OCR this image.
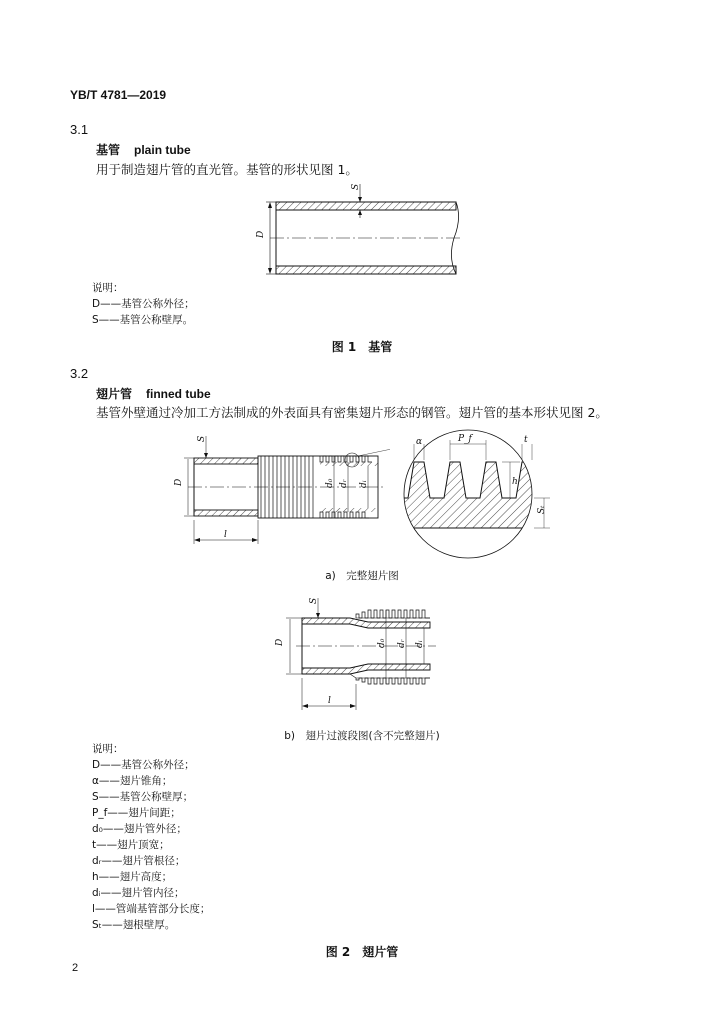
YB/T 4781—2019
3.1
基管 plain tube
用于制造翅片管的直光管。基管的形状见图 1。
D
S
说明：
D——基管公称外径；
S——基管公称壁厚。
图 1　基管
3.2
翅片管 finned tube
基管外壁通过冷加工方法制成的外表面具有密集翅片形态的钢管。翅片管的基本形状见图 2。
D
S
d₀ dᵣ dᵢ
l
α	P_f	t
h
Sₜ
a)　完整翅片图
D
S
d₀ dᵣ dᵢ
l
b)　翅片过渡段图(含不完整翅片)
说明：
D——基管公称外径；
α——翅片锥角；
S——基管公称壁厚；
P_f——翅片间距；
d₀——翅片管外径；
t——翅片顶宽；
dᵣ——翅片管根径；
h——翅片高度；
dᵢ——翅片管内径；
l——管端基管部分长度；
Sₜ——翅根壁厚。
图 2　翅片管
2
